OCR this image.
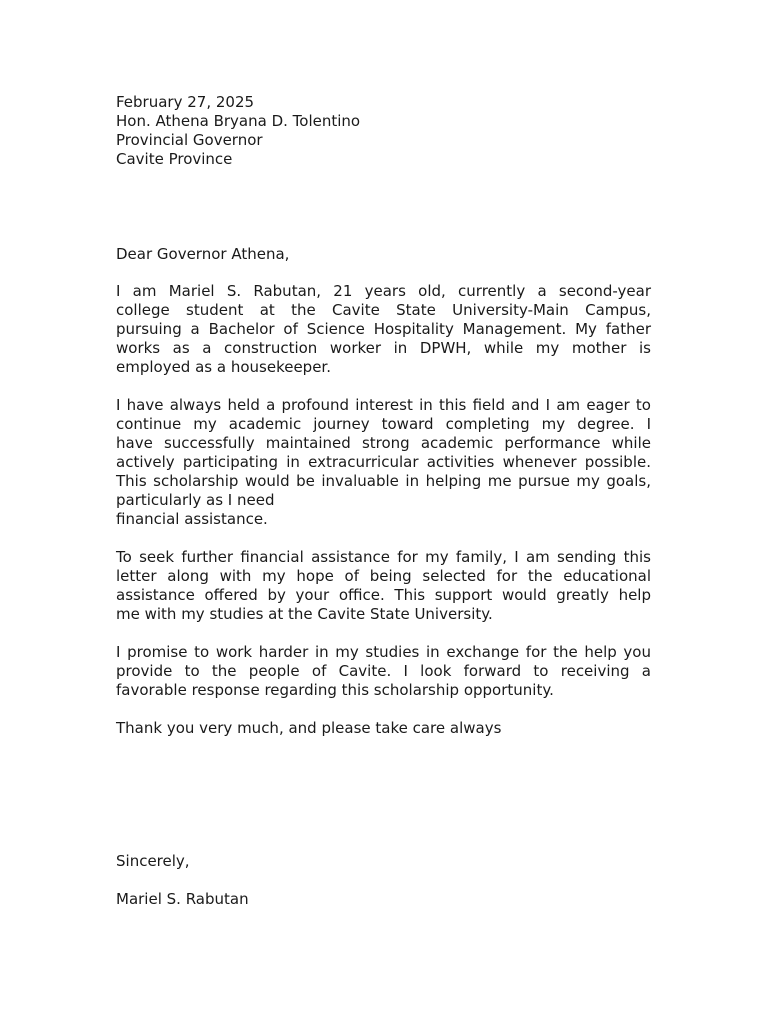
February 27, 2025
Hon. Athena Bryana D. Tolentino
Provincial Governor
Cavite Province
Dear Governor Athena,
I am Mariel S. Rabutan, 21 years old, currently a second-year
college student at the Cavite State University-Main Campus,
pursuing a Bachelor of Science Hospitality Management. My father
works as a construction worker in DPWH, while my mother is
employed as a housekeeper.
I have always held a profound interest in this field and I am eager to
continue my academic journey toward completing my degree. I
have successfully maintained strong academic performance while
actively participating in extracurricular activities whenever possible.
This scholarship would be invaluable in helping me pursue my goals,
particularly as I need
financial assistance.
To seek further financial assistance for my family, I am sending this
letter along with my hope of being selected for the educational
assistance offered by your office. This support would greatly help
me with my studies at the Cavite State University.
I promise to work harder in my studies in exchange for the help you
provide to the people of Cavite. I look forward to receiving a
favorable response regarding this scholarship opportunity.
Thank you very much, and please take care always
Sincerely,
Mariel S. Rabutan
